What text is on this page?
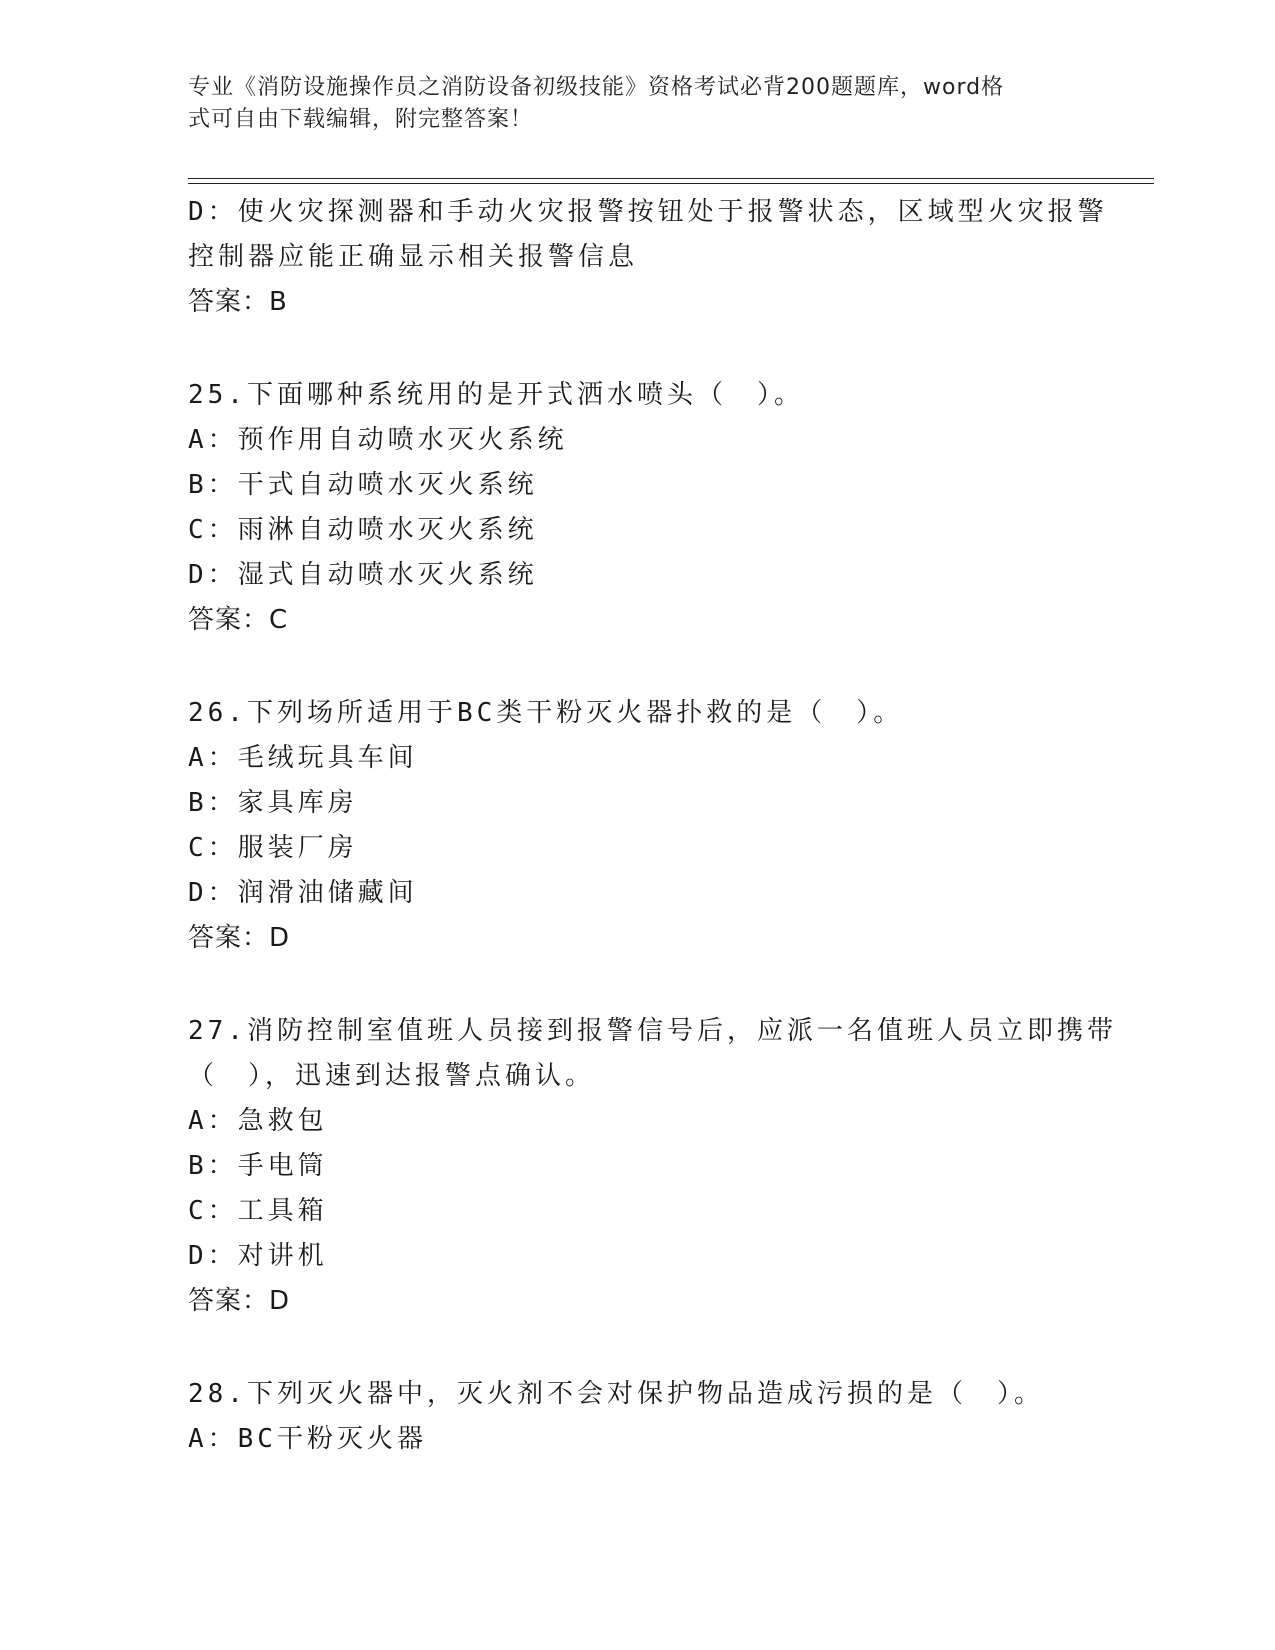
专业《消防设施操作员之消防设备初级技能》资格考试必背200题题库，word格
式可自由下载编辑，附完整答案！
D：使火灾探测器和手动火灾报警按钮处于报警状态，区域型火灾报警
控制器应能正确显示相关报警信息
答案：B
25.下面哪种系统用的是开式洒水喷头（　）。
A：预作用自动喷水灭火系统
B：干式自动喷水灭火系统
C：雨淋自动喷水灭火系统
D：湿式自动喷水灭火系统
答案：C
26.下列场所适用于BC类干粉灭火器扑救的是（　）。
A：毛绒玩具车间
B：家具库房
C：服装厂房
D：润滑油储藏间
答案：D
27.消防控制室值班人员接到报警信号后，应派一名值班人员立即携带
（　），迅速到达报警点确认。
A：急救包
B：手电筒
C：工具箱
D：对讲机
答案：D
28.下列灭火器中，灭火剂不会对保护物品造成污损的是（　）。
A：BC干粉灭火器
